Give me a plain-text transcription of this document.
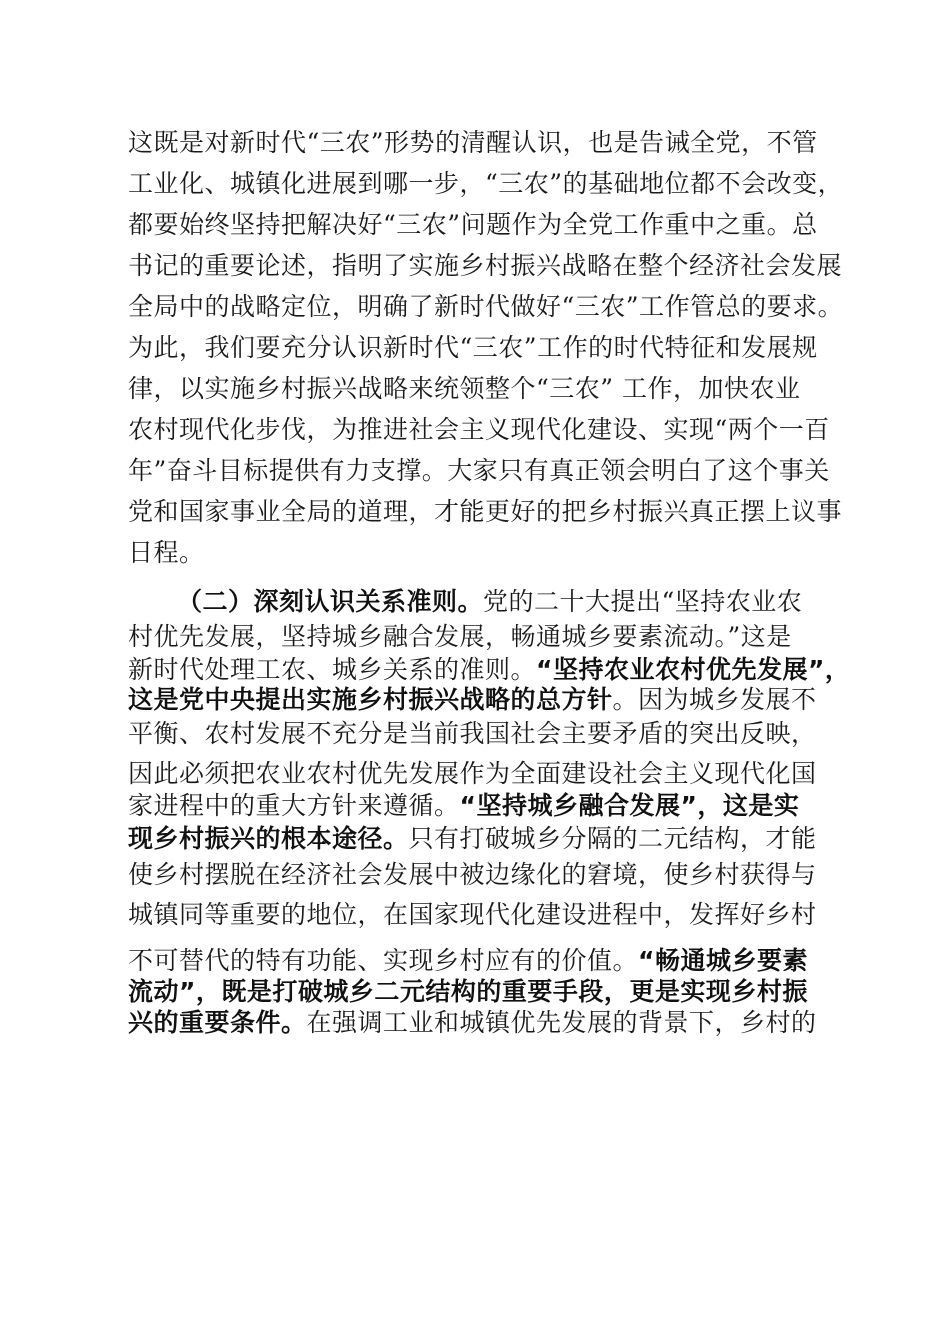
这既是对新时代“三农”形势的清醒认识，也是告诫全党，不管
工业化、城镇化进展到哪一步，“三农”的基础地位都不会改变，
都要始终坚持把解决好“三农”问题作为全党工作重中之重。总
书记的重要论述，指明了实施乡村振兴战略在整个经济社会发展
全局中的战略定位，明确了新时代做好“三农”工作管总的要求。
为此，我们要充分认识新时代“三农”工作的时代特征和发展规
律，以实施乡村振兴战略来统领整个“三农” 工作，加快农业
农村现代化步伐，为推进社会主义现代化建设、实现“两个一百
年”奋斗目标提供有力支撑。大家只有真正领会明白了这个事关
党和国家事业全局的道理，才能更好的把乡村振兴真正摆上议事
日程。
（二）深刻认识关系准则。党的二十大提出“坚持农业农
村优先发展，坚持城乡融合发展，畅通城乡要素流动。”这是
新时代处理工农、城乡关系的准则。“坚持农业农村优先发展”，
这是党中央提出实施乡村振兴战略的总方针。因为城乡发展不
平衡、农村发展不充分是当前我国社会主要矛盾的突出反映，
因此必须把农业农村优先发展作为全面建设社会主义现代化国
家进程中的重大方针来遵循。“坚持城乡融合发展”，这是实
现乡村振兴的根本途径。只有打破城乡分隔的二元结构，才能
使乡村摆脱在经济社会发展中被边缘化的窘境，使乡村获得与
城镇同等重要的地位，在国家现代化建设进程中，发挥好乡村
不可替代的特有功能、实现乡村应有的价值。“畅通城乡要素
流动”，既是打破城乡二元结构的重要手段，更是实现乡村振
兴的重要条件。在强调工业和城镇优先发展的背景下，乡村的
